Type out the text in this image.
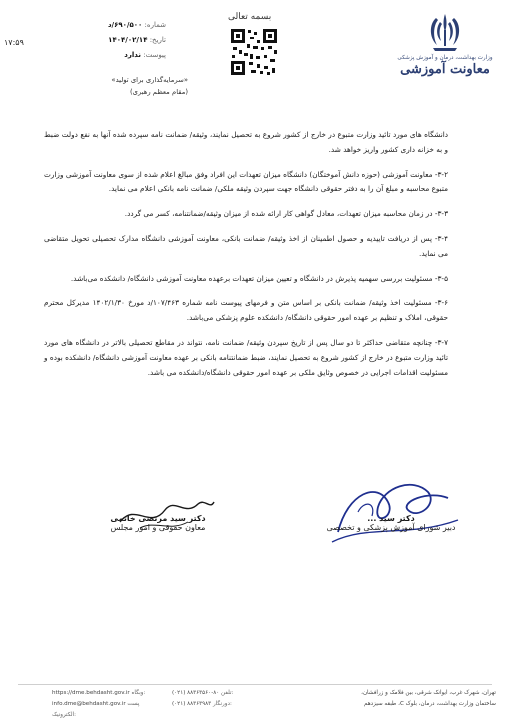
۱۷:۵۹
شماره: ۶۹۰/۵۰۰/د
تاریخ: ۱۴۰۴/۰۲/۱۴
پیوست: ندارد
بسمه تعالی
وزارت بهداشت، درمان و آموزش پزشکی
معاونت آموزشی
«سرمایه‌گذاری برای تولید»
(مقام معظم رهبری)

دانشگاه های مورد تائید وزارت متبوع در خارج از کشور شروع به تحصیل نمایند، وثیقه/ ضمانت نامه سپرده شده آنها به نفع دولت ضبط و به خزانه داری کشور واریز خواهد شد.

۳-۲- معاونت آموزشی (حوزه دانش آموختگان) دانشگاه میزان تعهدات این افراد وفق مبالغ اعلام شده از سوی معاونت آموزشی وزارت متبوع محاسبه و مبلغ آن را به دفتر حقوقی دانشگاه جهت سپردن وثیقه ملکی/ ضمانت نامه بانکی اعلام می نماید.

۳-۳- در زمان محاسبه میزان تعهدات، معادل گواهی کار ارائه شده از میزان وثیقه/ضمانتنامه، کسر می گردد.

۳-۴- پس از دریافت تاییدیه و حصول اطمینان از اخذ وثیقه/ ضمانت بانکی، معاونت آموزشی دانشگاه مدارک تحصیلی تحویل متقاضی می نماید.

۳-۵- مسئولیت بررسی سهمیه پذیرش در دانشگاه و تعیین میزان تعهدات برعهده معاونت آموزشی دانشگاه/ دانشکده می‌باشد.

۳-۶- مسئولیت اخذ وثیقه/ ضمانت بانکی بر اساس متن و فرمهای پیوست نامه شماره ۱۰۷/۴۶۳/د مورخ ۱۴۰۲/۱/۳۰ مدیرکل محترم حقوقی، املاک و تنظیم بر عهده امور حقوقی دانشگاه/ دانشکده علوم پزشکی می‌باشد.

۳-۷- چنانچه متقاضی حداکثر تا دو سال پس از تاریخ سپردن وثیقه/ ضمانت نامه، نتواند در مقاطع تحصیلی بالاتر در دانشگاه های مورد تائید وزارت متبوع در خارج از کشور شروع به تحصیل نمایند، ضبط ضمانتنامه بانکی بر عهده معاونت آموزشی دانشگاه/ دانشکده بوده و مسئولیت اقدامات اجرایی در خصوص وثایق ملکی بر عهده امور حقوقی دانشگاه/دانشکده می باشد.

دکتر سید مرتضی خاتمی
معاون حقوقی و امور مجلس
دکتر سید ...
دبیر شورای آموزش پزشکی و تخصصی
تهران، شهرک غرب، ایوانک شرقی، بین فلامک و زرافشان،
ساختمان وزارت بهداشت، درمان، بلوک C، طبقه سیزدهم
(۰۲۱) ۸۸۳۶۳۵۶۰-۸۰ تلفن:
(۰۲۱) ۸۸۳۶۳۹۸۳ دورنگار:
https://dme.behdasht.gov.ir وبگاه:
info.dme@behdasht.gov.ir پست الکترونیک:
